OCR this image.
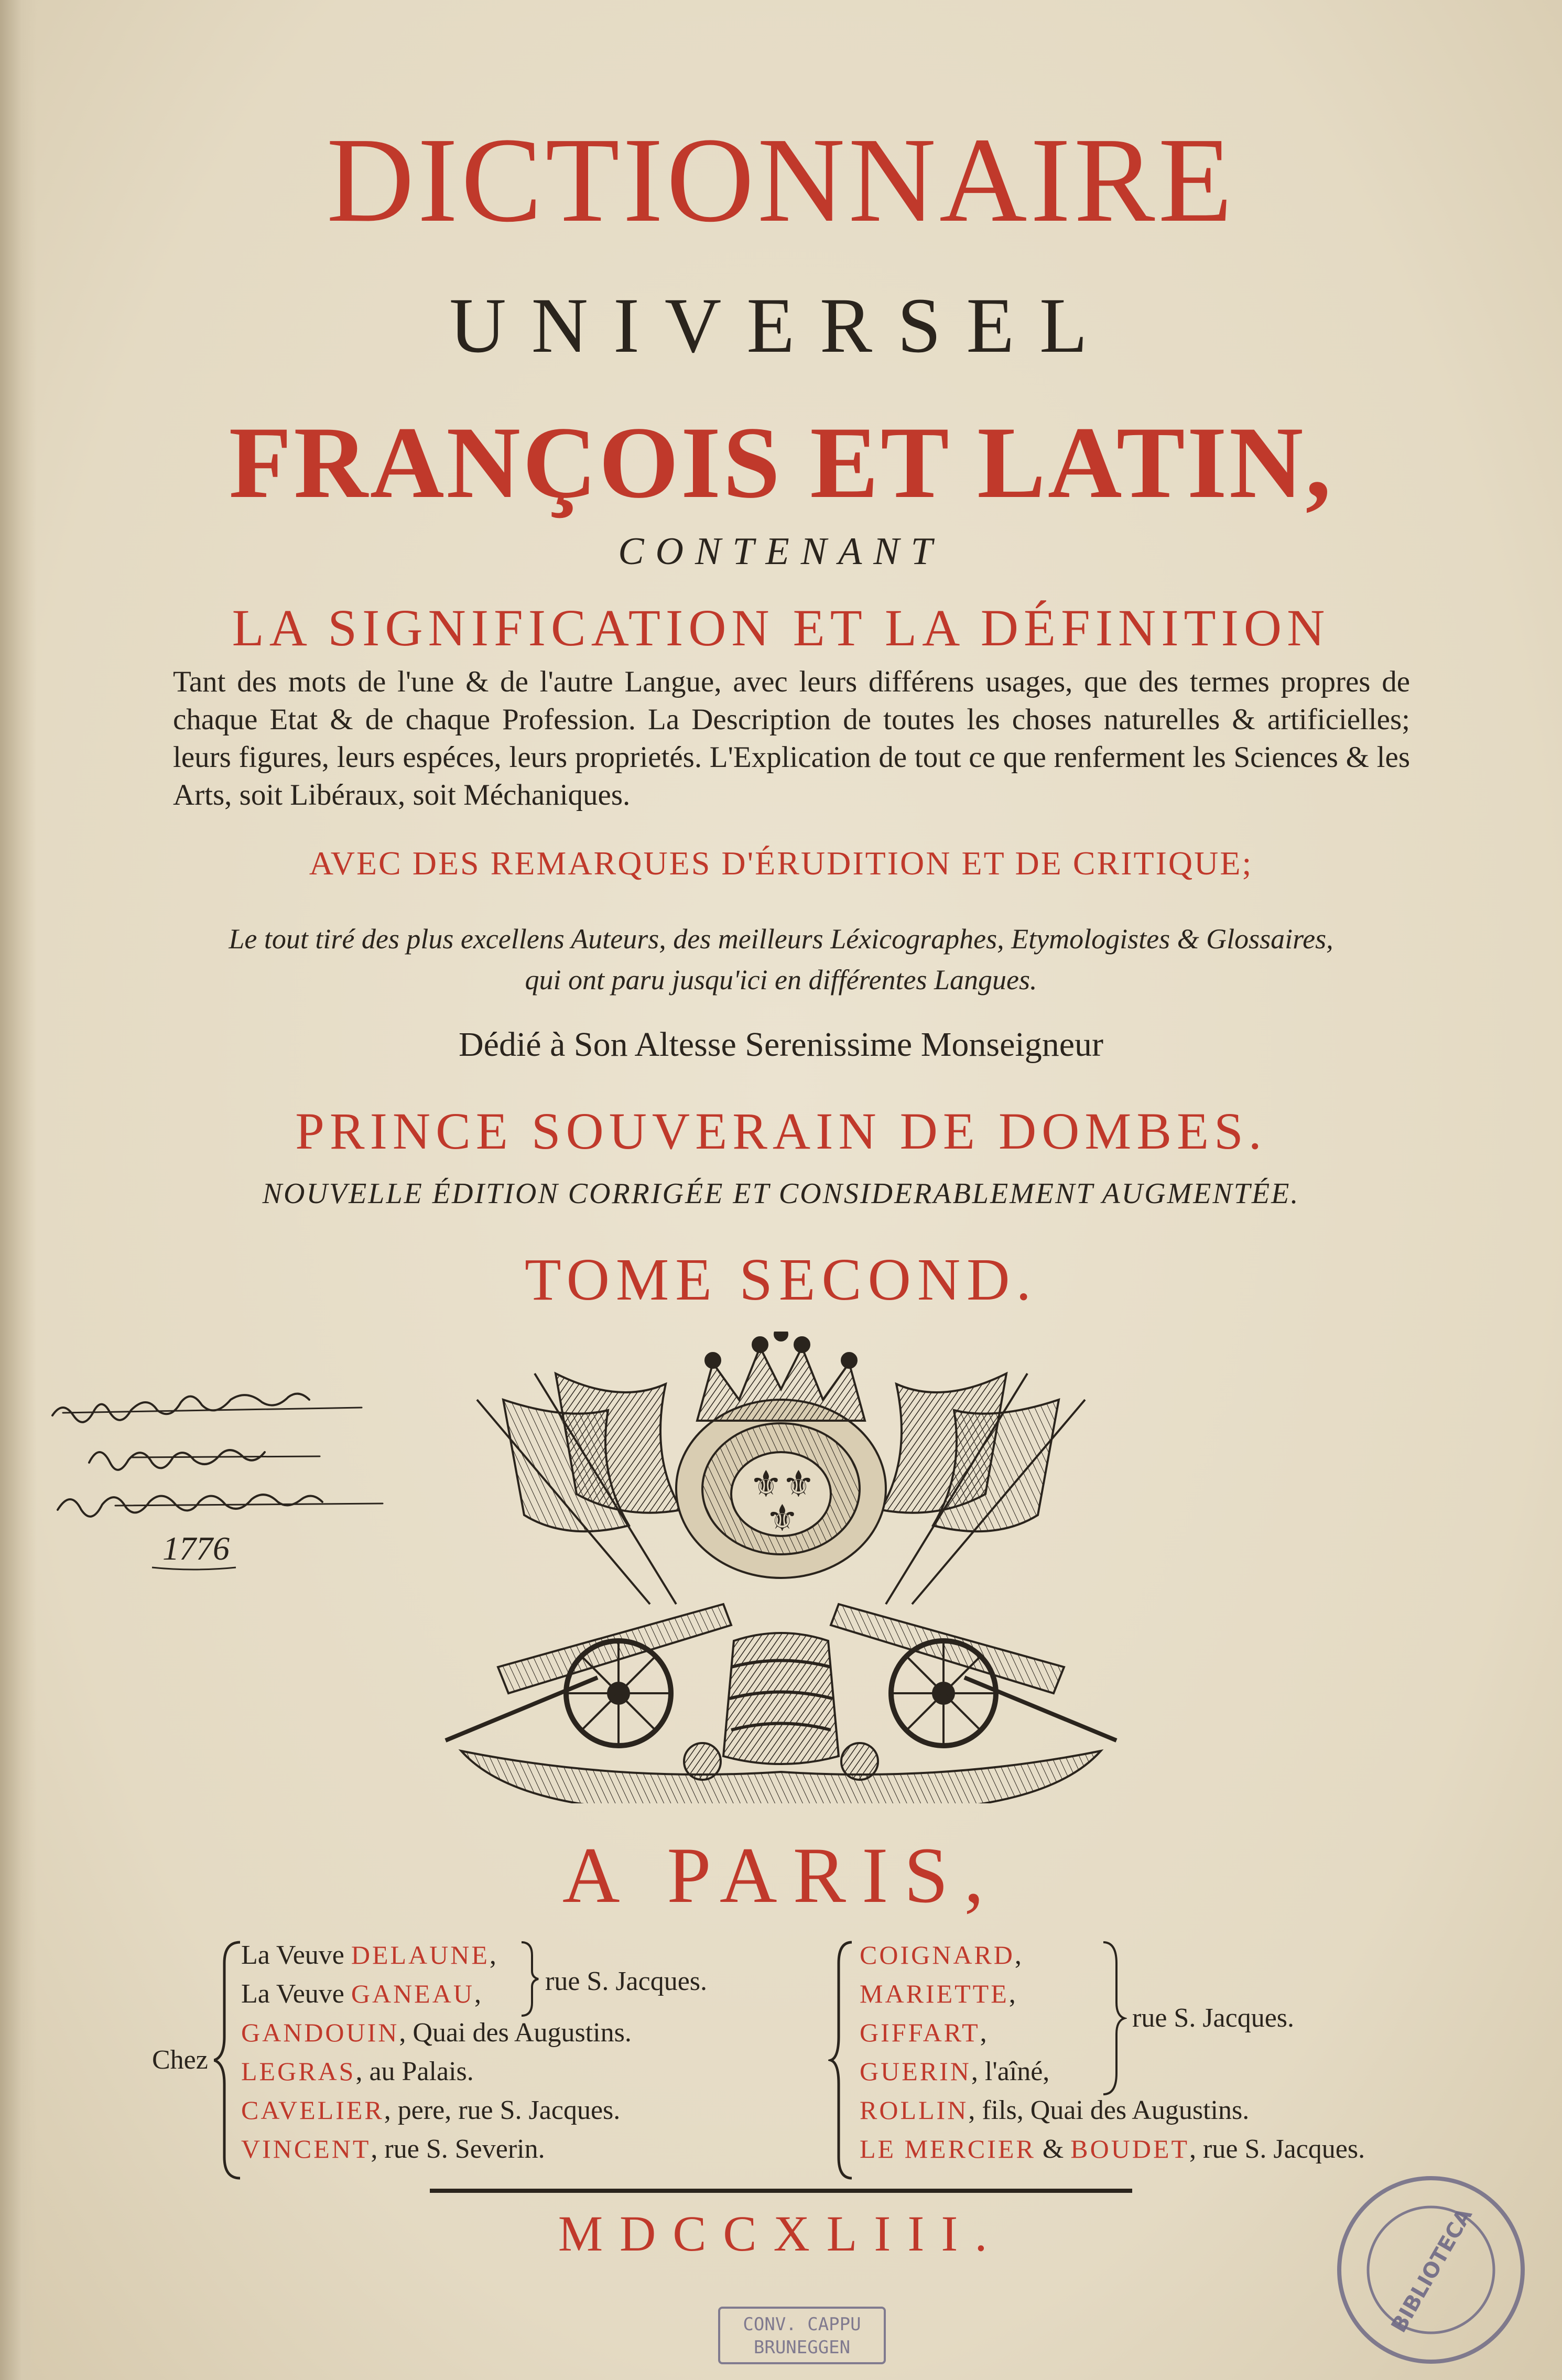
DICTIONNAIRE
UNIVERSEL
FRANÇOIS ET LATIN,
CONTENANT
LA SIGNIFICATION ET LA DÉFINITION
Tant des mots de l'une & de l'autre Langue, avec leurs différens usages, que des termes propres de chaque Etat & de chaque Profession. La Description de toutes les choses naturelles & artificielles; leurs figures, leurs espéces, leurs proprietés. L'Explication de tout ce que renferment les Sciences & les Arts, soit Libéraux, soit Méchaniques.
AVEC DES REMARQUES D'ÉRUDITION ET DE CRITIQUE;
Le tout tiré des plus excellens Auteurs, des meilleurs Léxicographes, Etymologistes & Glossaires,
qui ont paru jusqu'ici en différentes Langues.
Dédié à Son Altesse Serenissime Monseigneur
PRINCE SOUVERAIN DE DOMBES.
NOUVELLE ÉDITION CORRIGÉE ET CONSIDERABLEMENT AUGMENTÉE.
TOME SECOND.
1776
⚜ ⚜
⚜
A PARIS,
Chez
La Veuve DELAUNE,
La Veuve GANEAU,
GANDOUIN, Quai des Augustins.
LEGRAS, au Palais.
CAVELIER, pere, rue S. Jacques.
VINCENT, rue S. Severin.
rue S. Jacques.
COIGNARD,
MARIETTE,
GIFFART,
GUERIN, l'aîné,
ROLLIN, fils, Quai des Augustins.
LE MERCIER & BOUDET, rue S. Jacques.
rue S. Jacques.
MDCCXLIII.
CONV. CAPPU
BRUNEGGEN
BIBLIOTECA
